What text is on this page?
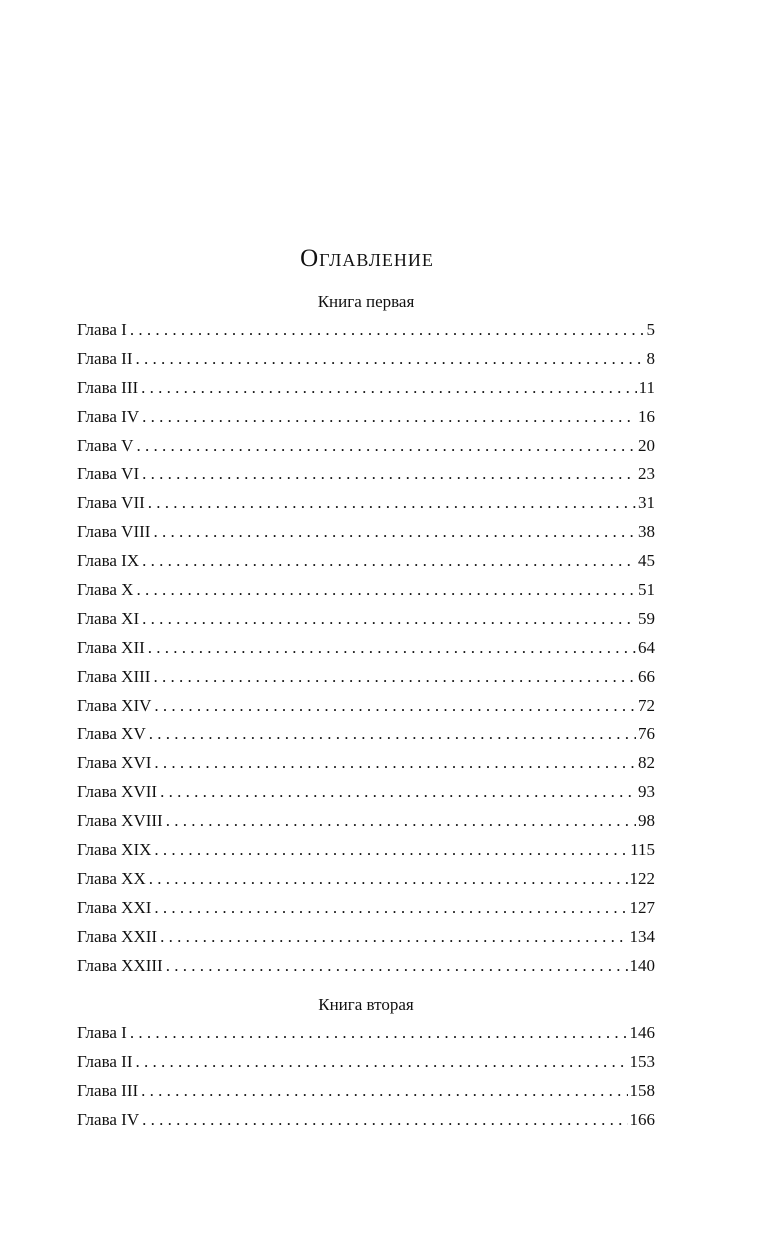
Оглавление
Книга первая
Глава I . . .	5
Глава II . . .	8
Глава III . . .	11
Глава IV . . .	16
Глава V . . .	20
Глава VI . . .	23
Глава VII . . .	31
Глава VIII . . .	38
Глава IX . . .	45
Глава X . . .	51
Глава XI . . .	59
Глава XII . . .	64
Глава XIII . . .	66
Глава XIV . . .	72
Глава XV . . .	76
Глава XVI . . .	82
Глава XVII . . .	93
Глава XVIII . . .	98
Глава XIX . . .	115
Глава XX . . .	122
Глава XXI . . .	127
Глава XXII . . .	134
Глава XXIII . . .	140
Книга вторая
Глава I . . .	146
Глава II . . .	153
Глава III . . .	158
Глава IV . . .	166
